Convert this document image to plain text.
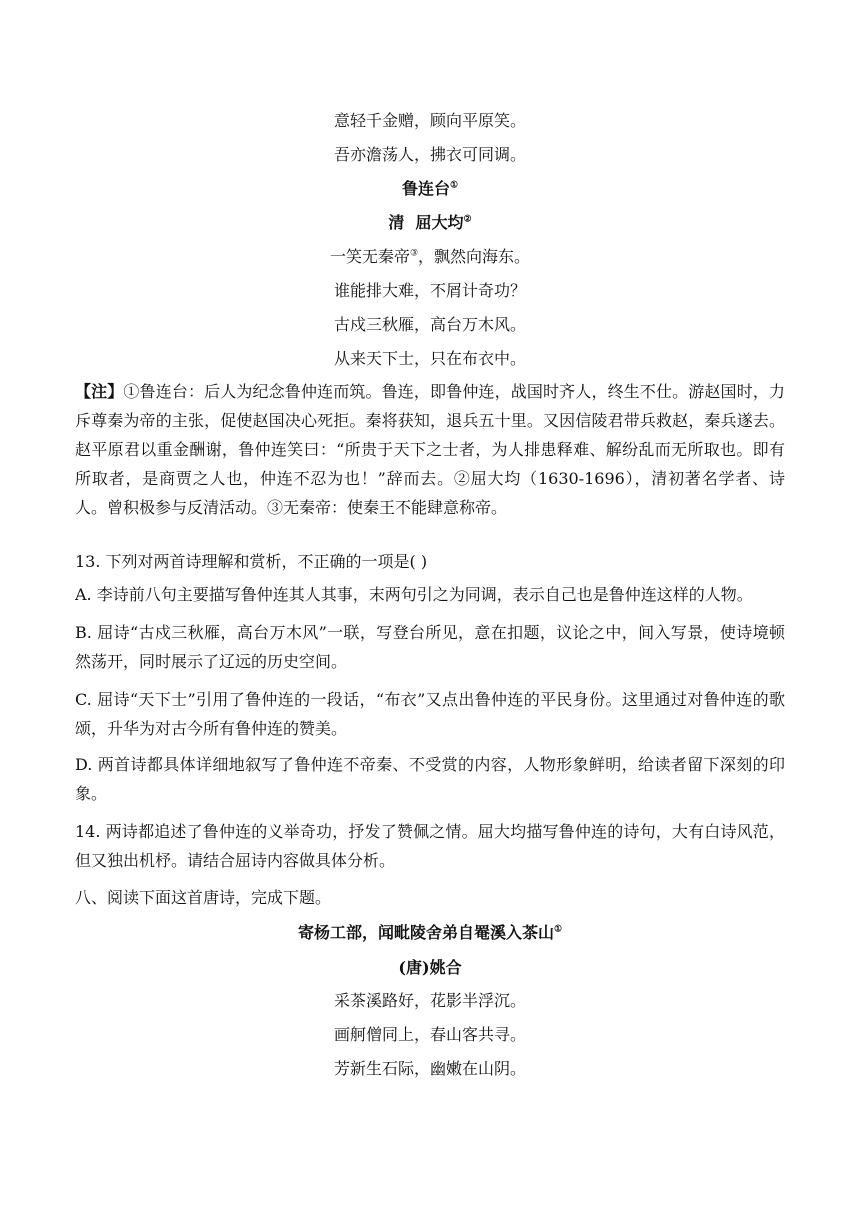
意轻千金赠，顾向平原笑。
吾亦澹荡人，拂衣可同调。
鲁连台①
清  屈大均②
一笑无秦帝③，飘然向海东。
谁能排大难，不屑计奇功？
古戍三秋雁，高台万木风。
从来天下士，只在布衣中。

【注】①鲁连台：后人为纪念鲁仲连而筑。鲁连，即鲁仲连，战国时齐人，终生不仕。游赵国时，力斥尊秦为帝的主张，促使赵国决心死拒。秦将获知，退兵五十里。又因信陵君带兵救赵，秦兵遂去。赵平原君以重金酬谢，鲁仲连笑曰：“所贵于天下之士者，为人排患释难、解纷乱而无所取也。即有所取者，是商贾之人也，仲连不忍为也！”辞而去。②屈大均（1630-1696），清初著名学者、诗人。曾积极参与反清活动。③无秦帝：使秦王不能肆意称帝。

13. 下列对两首诗理解和赏析，不正确的一项是( )

A. 李诗前八句主要描写鲁仲连其人其事，末两句引之为同调，表示自己也是鲁仲连这样的人物。

B. 屈诗“古戍三秋雁，高台万木风”一联，写登台所见，意在扣题，议论之中，间入写景，使诗境顿然荡开，同时展示了辽远的历史空间。

C. 屈诗“天下士”引用了鲁仲连的一段话，“布衣”又点出鲁仲连的平民身份。这里通过对鲁仲连的歌颂，升华为对古今所有鲁仲连的赞美。

D. 两首诗都具体详细地叙写了鲁仲连不帝秦、不受赏的内容，人物形象鲜明，给读者留下深刻的印象。

14. 两诗都追述了鲁仲连的义举奇功，抒发了赞佩之情。屈大均描写鲁仲连的诗句，大有白诗风范，但又独出机杼。请结合屈诗内容做具体分析。

八、阅读下面这首唐诗，完成下题。

寄杨工部，闻毗陵舍弟自罨溪入茶山①
(唐)姚合
采茶溪路好，花影半浮沉。
画舸僧同上，春山客共寻。
芳新生石际，幽嫩在山阴。
